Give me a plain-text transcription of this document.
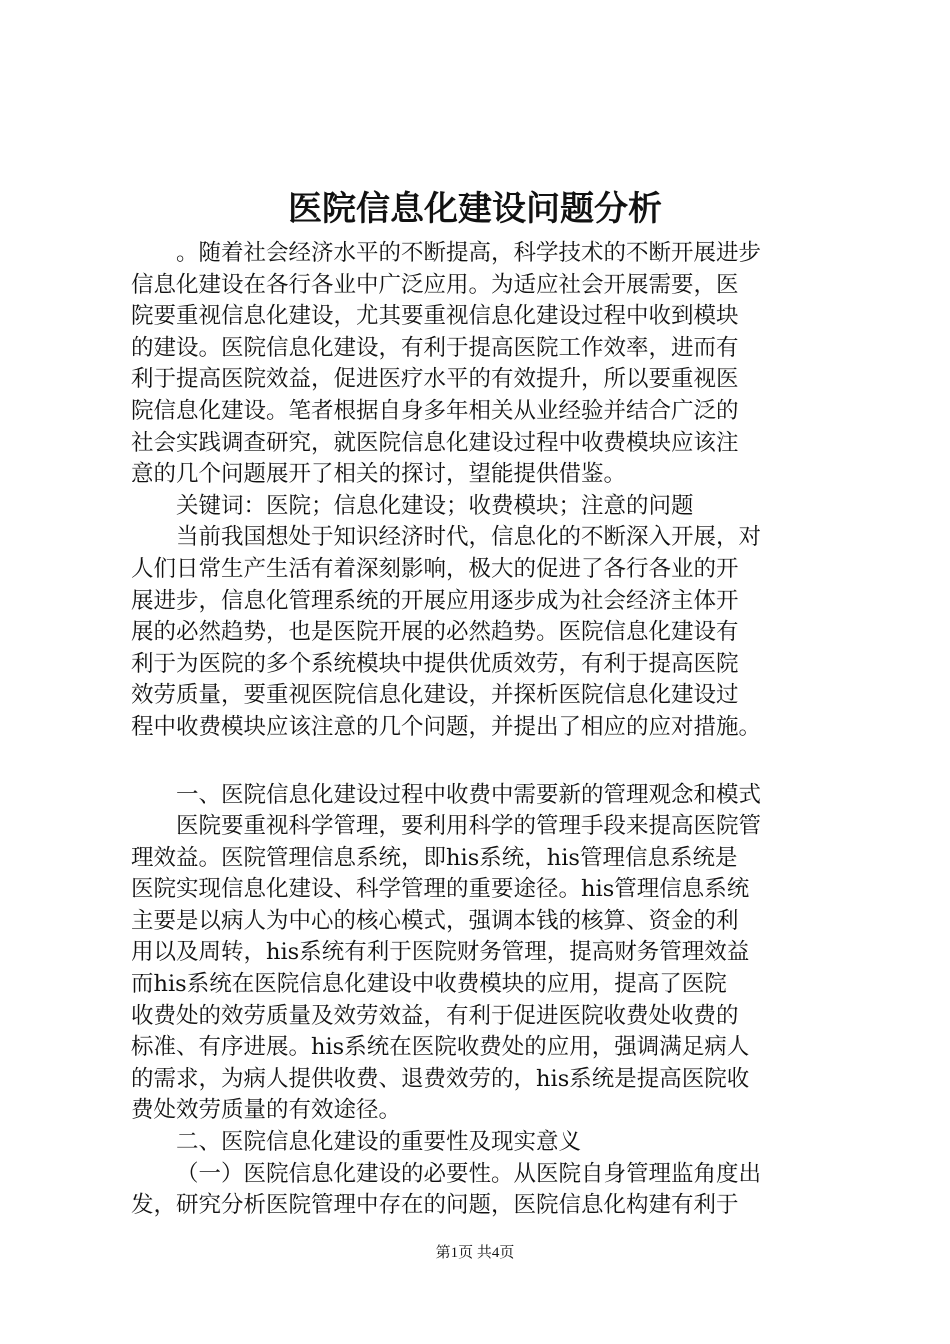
医院信息化建设问题分析
。随着社会经济水平的不断提高，科学技术的不断开展进步
信息化建设在各行各业中广泛应用。为适应社会开展需要，医
院要重视信息化建设，尤其要重视信息化建设过程中收到模块
的建设。医院信息化建设，有利于提高医院工作效率，进而有
利于提高医院效益，促进医疗水平的有效提升，所以要重视医
院信息化建设。笔者根据自身多年相关从业经验并结合广泛的
社会实践调查研究，就医院信息化建设过程中收费模块应该注
意的几个问题展开了相关的探讨，望能提供借鉴。
关键词：医院；信息化建设；收费模块；注意的问题
当前我国想处于知识经济时代，信息化的不断深入开展，对
人们日常生产生活有着深刻影响，极大的促进了各行各业的开
展进步，信息化管理系统的开展应用逐步成为社会经济主体开
展的必然趋势，也是医院开展的必然趋势。医院信息化建设有
利于为医院的多个系统模块中提供优质效劳，有利于提高医院
效劳质量，要重视医院信息化建设，并探析医院信息化建设过
程中收费模块应该注意的几个问题，并提出了相应的应对措施。
一、医院信息化建设过程中收费中需要新的管理观念和模式
医院要重视科学管理，要利用科学的管理手段来提高医院管
理效益。医院管理信息系统，即his系统，his管理信息系统是
医院实现信息化建设、科学管理的重要途径。his管理信息系统
主要是以病人为中心的核心模式，强调本钱的核算、资金的利
用以及周转，his系统有利于医院财务管理，提高财务管理效益
而his系统在医院信息化建设中收费模块的应用，提高了医院
收费处的效劳质量及效劳效益，有利于促进医院收费处收费的
标准、有序进展。his系统在医院收费处的应用，强调满足病人
的需求，为病人提供收费、退费效劳的，his系统是提高医院收
费处效劳质量的有效途径。
二、医院信息化建设的重要性及现实意义
（一）医院信息化建设的必要性。从医院自身管理监角度出
发，研究分析医院管理中存在的问题，医院信息化构建有利于
第1页 共4页
